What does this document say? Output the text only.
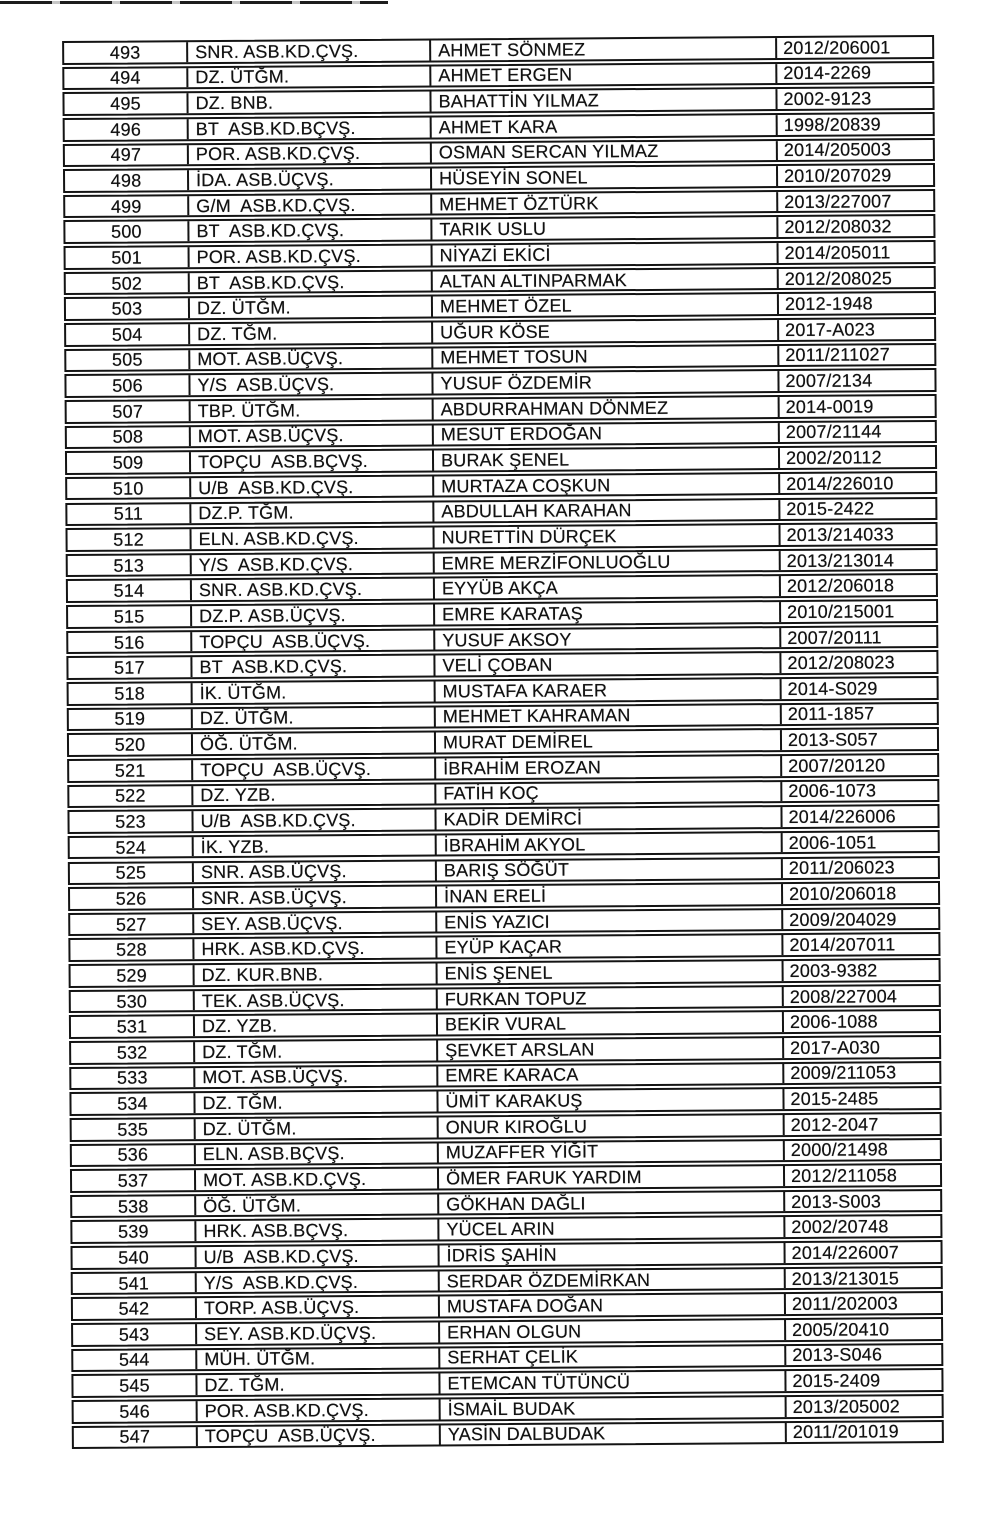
493	SNR. ASB.KD.ÇVŞ.	AHMET SÖNMEZ	2012/206001
494	DZ. ÜTĞM.	AHMET ERGEN	2014-2269
495	DZ. BNB.	BAHATTİN YILMAZ	2002-9123
496	BT  ASB.KD.BÇVŞ.	AHMET KARA	1998/20839
497	POR. ASB.KD.ÇVŞ.	OSMAN SERCAN YILMAZ	2014/205003
498	İDA. ASB.ÜÇVŞ.	HÜSEYİN SONEL	2010/207029
499	G/M  ASB.KD.ÇVŞ.	MEHMET ÖZTÜRK	2013/227007
500	BT  ASB.KD.ÇVŞ.	TARIK USLU	2012/208032
501	POR. ASB.KD.ÇVŞ.	NİYAZİ EKİCİ	2014/205011
502	BT  ASB.KD.ÇVŞ.	ALTAN ALTINPARMAK	2012/208025
503	DZ. ÜTĞM.	MEHMET ÖZEL	2012-1948
504	DZ. TĞM.	UĞUR KÖSE	2017-A023
505	MOT. ASB.ÜÇVŞ.	MEHMET TOSUN	2011/211027
506	Y/S  ASB.ÜÇVŞ.	YUSUF ÖZDEMİR	2007/2134
507	TBP. ÜTĞM.	ABDURRAHMAN DÖNMEZ	2014-0019
508	MOT. ASB.ÜÇVŞ.	MESUT ERDOĞAN	2007/21144
509	TOPÇU  ASB.BÇVŞ.	BURAK ŞENEL	2002/20112
510	U/B  ASB.KD.ÇVŞ.	MURTAZA COŞKUN	2014/226010
511	DZ.P. TĞM.	ABDULLAH KARAHAN	2015-2422
512	ELN. ASB.KD.ÇVŞ.	NURETTİN DÜRÇEK	2013/214033
513	Y/S  ASB.KD.ÇVŞ.	EMRE MERZİFONLUOĞLU	2013/213014
514	SNR. ASB.KD.ÇVŞ.	EYYÜB AKÇA	2012/206018
515	DZ.P. ASB.ÜÇVŞ.	EMRE KARATAŞ	2010/215001
516	TOPÇU  ASB.ÜÇVŞ.	YUSUF AKSOY	2007/20111
517	BT  ASB.KD.ÇVŞ.	VELİ ÇOBAN	2012/208023
518	İK. ÜTĞM.	MUSTAFA KARAER	2014-S029
519	DZ. ÜTĞM.	MEHMET KAHRAMAN	2011-1857
520	ÖĞ. ÜTĞM.	MURAT DEMİREL	2013-S057
521	TOPÇU  ASB.ÜÇVŞ.	İBRAHİM EROZAN	2007/20120
522	DZ. YZB.	FATİH KOÇ	2006-1073
523	U/B  ASB.KD.ÇVŞ.	KADİR DEMİRCİ	2014/226006
524	İK. YZB.	İBRAHİM AKYOL	2006-1051
525	SNR. ASB.ÜÇVŞ.	BARIŞ SÖĞÜT	2011/206023
526	SNR. ASB.ÜÇVŞ.	İNAN ERELİ	2010/206018
527	SEY. ASB.ÜÇVŞ.	ENİS YAZICI	2009/204029
528	HRK. ASB.KD.ÇVŞ.	EYÜP KAÇAR	2014/207011
529	DZ. KUR.BNB.	ENİS ŞENEL	2003-9382
530	TEK. ASB.ÜÇVŞ.	FURKAN TOPUZ	2008/227004
531	DZ. YZB.	BEKİR VURAL	2006-1088
532	DZ. TĞM.	ŞEVKET ARSLAN	2017-A030
533	MOT. ASB.ÜÇVŞ.	EMRE KARACA	2009/211053
534	DZ. TĞM.	ÜMİT KARAKUŞ	2015-2485
535	DZ. ÜTĞM.	ONUR KIROĞLU	2012-2047
536	ELN. ASB.BÇVŞ.	MUZAFFER YİĞİT	2000/21498
537	MOT. ASB.KD.ÇVŞ.	ÖMER FARUK YARDIM	2012/211058
538	ÖĞ. ÜTĞM.	GÖKHAN DAĞLI	2013-S003
539	HRK. ASB.BÇVŞ.	YÜCEL ARIN	2002/20748
540	U/B  ASB.KD.ÇVŞ.	İDRİS ŞAHİN	2014/226007
541	Y/S  ASB.KD.ÇVŞ.	SERDAR ÖZDEMİRKAN	2013/213015
542	TORP. ASB.ÜÇVŞ.	MUSTAFA DOĞAN	2011/202003
543	SEY. ASB.KD.ÜÇVŞ.	ERHAN OLGUN	2005/20410
544	MÜH. ÜTĞM.	SERHAT ÇELİK	2013-S046
545	DZ. TĞM.	ETEMCAN TÜTÜNCÜ	2015-2409
546	POR. ASB.KD.ÇVŞ.	İSMAİL BUDAK	2013/205002
547	TOPÇU  ASB.ÜÇVŞ.	YASİN DALBUDAK	2011/201019
